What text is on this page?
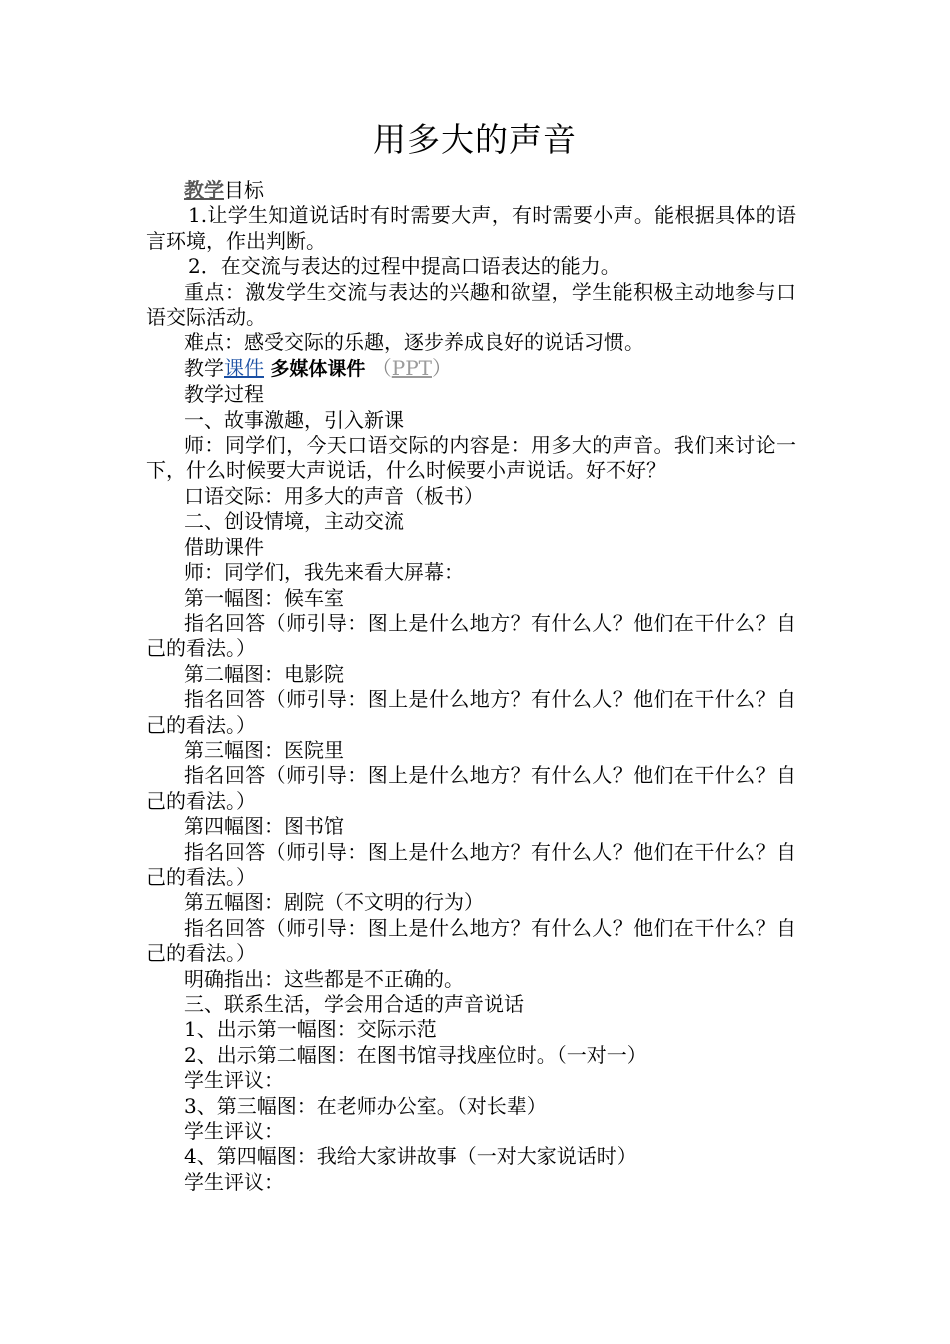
用多大的声音

教学目标

1.让学生知道说话时有时需要大声，有时需要小声。能根据具体的语言环境，作出判断。

2．在交流与表达的过程中提高口语表达的能力。

重点：激发学生交流与表达的兴趣和欲望，学生能积极主动地参与口语交际活动。

难点：感受交际的乐趣，逐步养成良好的说话习惯。

教学课件 多媒体课件 （PPT）

教学过程

一、故事激趣，引入新课

师：同学们，今天口语交际的内容是：用多大的声音。我们来讨论一下，什么时候要大声说话，什么时候要小声说话。好不好？

口语交际：用多大的声音（板书）

二、创设情境，主动交流

借助课件

师：同学们，我先来看大屏幕：

第一幅图：候车室

指名回答（师引导：图上是什么地方？有什么人？他们在干什么？自己的看法。）

第二幅图：电影院

指名回答（师引导：图上是什么地方？有什么人？他们在干什么？自己的看法。）

第三幅图：医院里

指名回答（师引导：图上是什么地方？有什么人？他们在干什么？自己的看法。）

第四幅图：图书馆

指名回答（师引导：图上是什么地方？有什么人？他们在干什么？自己的看法。）

第五幅图：剧院（不文明的行为）

指名回答（师引导：图上是什么地方？有什么人？他们在干什么？自己的看法。）

明确指出：这些都是不正确的。

三、联系生活，学会用合适的声音说话

1、出示第一幅图：交际示范

2、出示第二幅图：在图书馆寻找座位时。（一对一）

学生评议：

3、第三幅图：在老师办公室。（对长辈）

学生评议：

4、第四幅图：我给大家讲故事（一对大家说话时）

学生评议：
